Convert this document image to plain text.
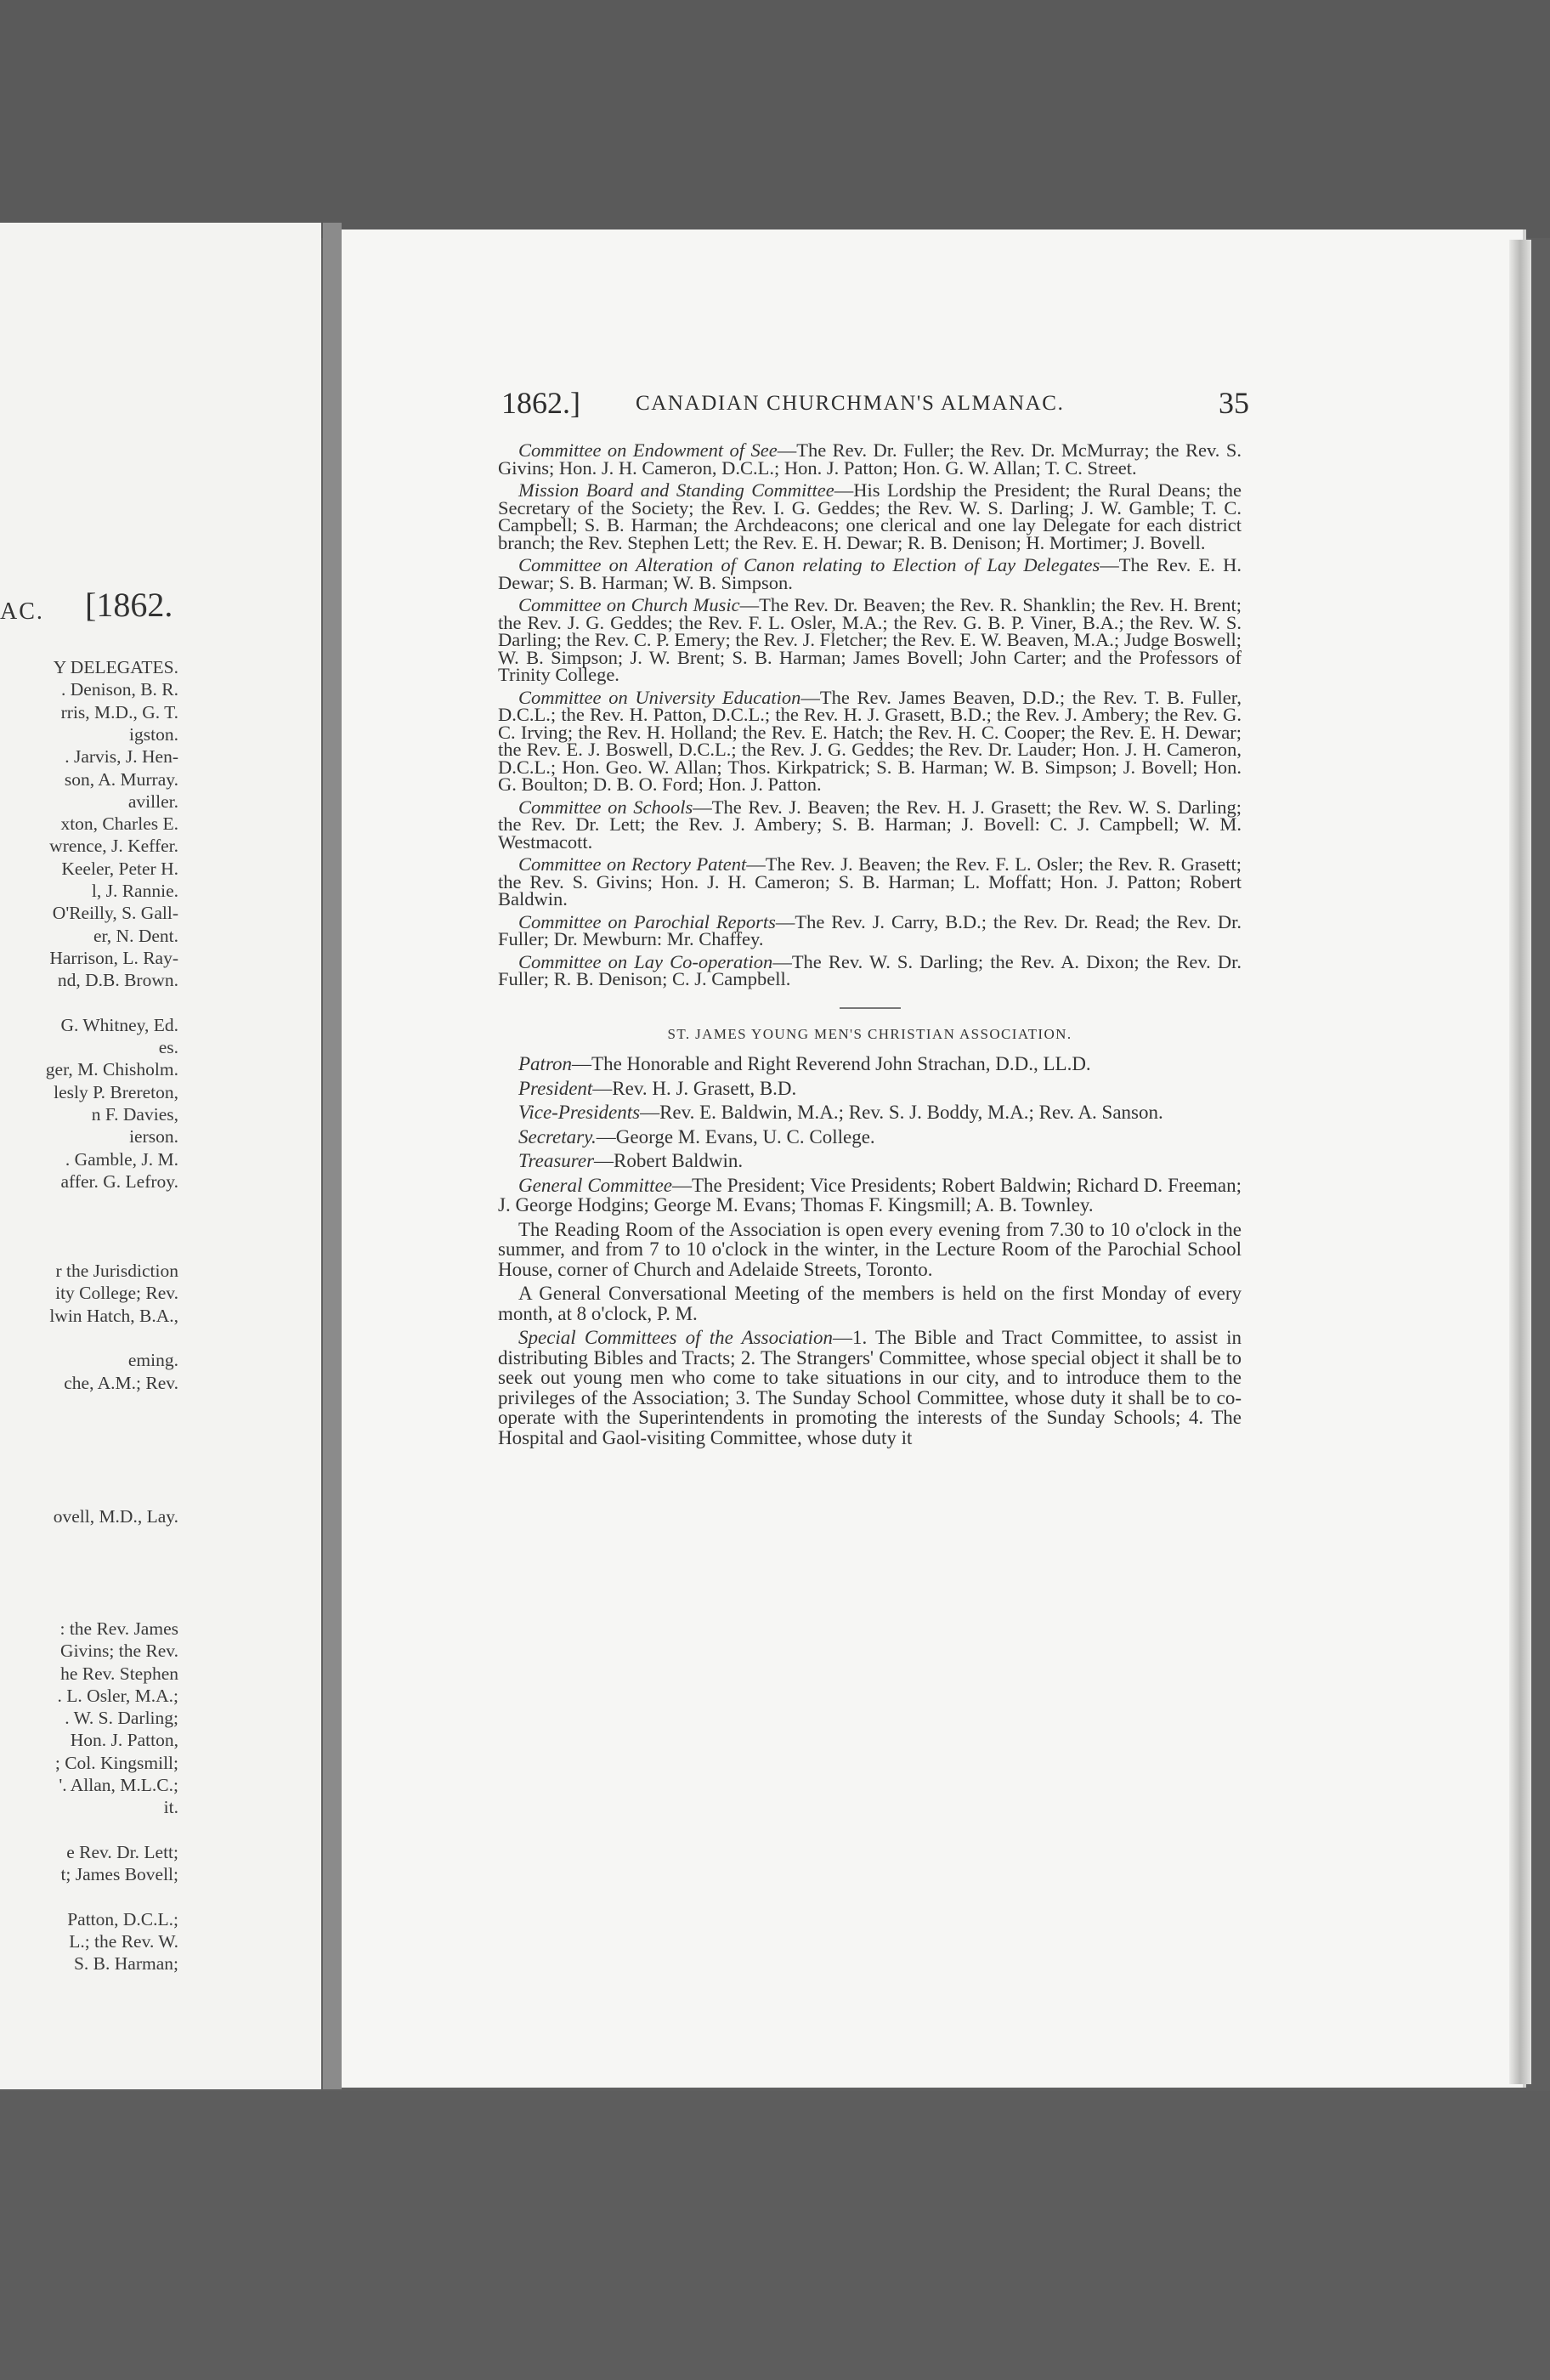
AC.	[1862.
Y DELEGATES.
. Denison, B. R.
rris, M.D., G. T.
igston.
. Jarvis, J. Hen-
son, A. Murray.
aviller.
xton, Charles E.
wrence, J. Keffer.
Keeler, Peter H.
l, J. Rannie.
O'Reilly, S. Gall-
er, N. Dent.
Harrison, L. Ray-
nd, D.B. Brown.
G. Whitney, Ed.
es.
ger, M. Chisholm.
lesly P. Brereton,
n F. Davies,
ierson.
. Gamble, J. M.
affer. G. Lefroy.
r the Jurisdiction
ity College; Rev.
lwin Hatch, B.A.,
eming.
che, A.M.; Rev.
ovell, M.D., Lay.
: the Rev. James
Givins; the Rev.
he Rev. Stephen
. L. Osler, M.A.;
. W. S. Darling;
Hon. J. Patton,
; Col. Kingsmill;
'. Allan, M.L.C.;
it.
e Rev. Dr. Lett;
t; James Bovell;
Patton, D.C.L.;
L.; the Rev. W.
S. B. Harman;
1862.]	CANADIAN CHURCHMAN'S ALMANAC.	35

Committee on Endowment of See—The Rev. Dr. Fuller; the Rev. Dr. McMurray; the Rev. S. Givins; Hon. J. H. Cameron, D.C.L.; Hon. J. Patton; Hon. G. W. Allan; T. C. Street.

Mission Board and Standing Committee—His Lordship the President; the Rural Deans; the Secretary of the Society; the Rev. I. G. Geddes; the Rev. W. S. Darling; J. W. Gamble; T. C. Campbell; S. B. Harman; the Archdeacons; one clerical and one lay Delegate for each district branch; the Rev. Stephen Lett; the Rev. E. H. Dewar; R. B. Denison; H. Mortimer; J. Bovell.

Committee on Alteration of Canon relating to Election of Lay Delegates—The Rev. E. H. Dewar; S. B. Harman; W. B. Simpson.

Committee on Church Music—The Rev. Dr. Beaven; the Rev. R. Shanklin; the Rev. H. Brent; the Rev. J. G. Geddes; the Rev. F. L. Osler, M.A.; the Rev. G. B. P. Viner, B.A.; the Rev. W. S. Darling; the Rev. C. P. Emery; the Rev. J. Fletcher; the Rev. E. W. Beaven, M.A.; Judge Boswell; W. B. Simpson; J. W. Brent; S. B. Harman; James Bovell; John Carter; and the Professors of Trinity College.

Committee on University Education—The Rev. James Beaven, D.D.; the Rev. T. B. Fuller, D.C.L.; the Rev. H. Patton, D.C.L.; the Rev. H. J. Grasett, B.D.; the Rev. J. Ambery; the Rev. G. C. Irving; the Rev. H. Holland; the Rev. E. Hatch; the Rev. H. C. Cooper; the Rev. E. H. Dewar; the Rev. E. J. Boswell, D.C.L.; the Rev. J. G. Geddes; the Rev. Dr. Lauder; Hon. J. H. Cameron, D.C.L.; Hon. Geo. W. Allan; Thos. Kirkpatrick; S. B. Harman; W. B. Simpson; J. Bovell; Hon. G. Boulton; D. B. O. Ford; Hon. J. Patton.

Committee on Schools—The Rev. J. Beaven; the Rev. H. J. Grasett; the Rev. W. S. Darling; the Rev. Dr. Lett; the Rev. J. Ambery; S. B. Harman; J. Bovell: C. J. Campbell; W. M. Westmacott.

Committee on Rectory Patent—The Rev. J. Beaven; the Rev. F. L. Osler; the Rev. R. Grasett; the Rev. S. Givins; Hon. J. H. Cameron; S. B. Harman; L. Moffatt; Hon. J. Patton; Robert Baldwin.

Committee on Parochial Reports—The Rev. J. Carry, B.D.; the Rev. Dr. Read; the Rev. Dr. Fuller; Dr. Mewburn: Mr. Chaffey.

Committee on Lay Co-operation—The Rev. W. S. Darling; the Rev. A. Dixon; the Rev. Dr. Fuller; R. B. Denison; C. J. Campbell.

ST. JAMES YOUNG MEN'S CHRISTIAN ASSOCIATION.

Patron—The Honorable and Right Reverend John Strachan, D.D., LL.D.

President—Rev. H. J. Grasett, B.D.

Vice-Presidents—Rev. E. Baldwin, M.A.; Rev. S. J. Boddy, M.A.; Rev. A. Sanson.

Secretary.—George M. Evans, U. C. College.

Treasurer—Robert Baldwin.

General Committee—The President; Vice Presidents; Robert Baldwin; Richard D. Freeman; J. George Hodgins; George M. Evans; Thomas F. Kingsmill; A. B. Townley.

The Reading Room of the Association is open every evening from 7.30 to 10 o'clock in the summer, and from 7 to 10 o'clock in the winter, in the Lecture Room of the Parochial School House, corner of Church and Adelaide Streets, Toronto.

A General Conversational Meeting of the members is held on the first Monday of every month, at 8 o'clock, P. M.

Special Committees of the Association—1. The Bible and Tract Committee, to assist in distributing Bibles and Tracts; 2. The Strangers' Committee, whose special object it shall be to seek out young men who come to take situations in our city, and to introduce them to the privileges of the Association; 3. The Sunday School Committee, whose duty it shall be to co-operate with the Superintendents in promoting the interests of the Sunday Schools; 4. The Hospital and Gaol-visiting Committee, whose duty it
